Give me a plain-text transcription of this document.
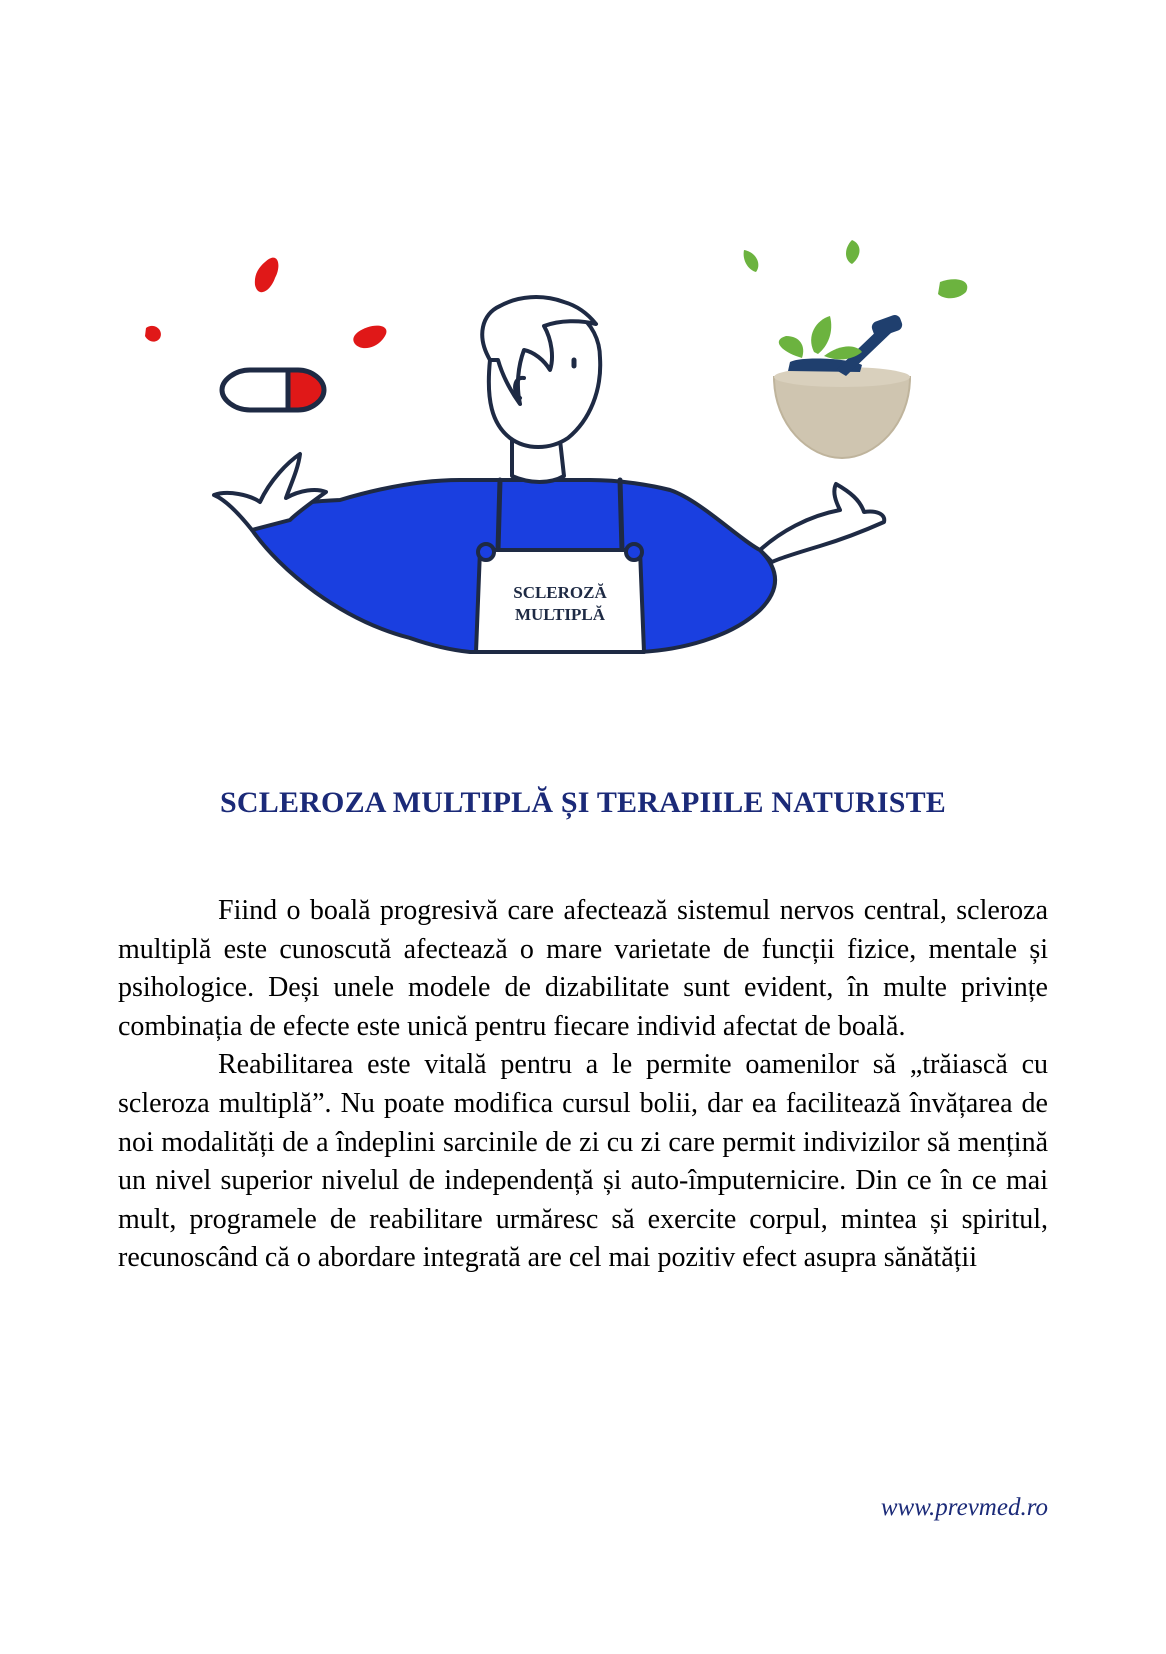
SCLEROZĂ
MULTIPLĂ
SCLEROZA MULTIPLĂ ȘI TERAPIILE NATURISTE

Fiind o boală progresivă care afectează sistemul nervos central, scleroza multiplă este cunoscută afectează o mare varietate de funcții fizice, mentale și psihologice. Deși unele modele de dizabilitate sunt evident, în multe privințe combinația de efecte este unică pentru fiecare individ afectat de boală.

Reabilitarea este vitală pentru a le permite oamenilor să „trăiască cu scleroza multiplă”. Nu poate modifica cursul bolii, dar ea facilitează învățarea de noi modalități de a îndeplini sarcinile de zi cu zi care permit indivizilor să mențină un nivel superior nivelul de independență și auto-împuternicire. Din ce în ce mai mult, programele de reabilitare urmăresc să exercite corpul, mintea și spiritul, recunoscând că o abordare integrată are cel mai pozitiv efect asupra sănătății

www.prevmed.ro
